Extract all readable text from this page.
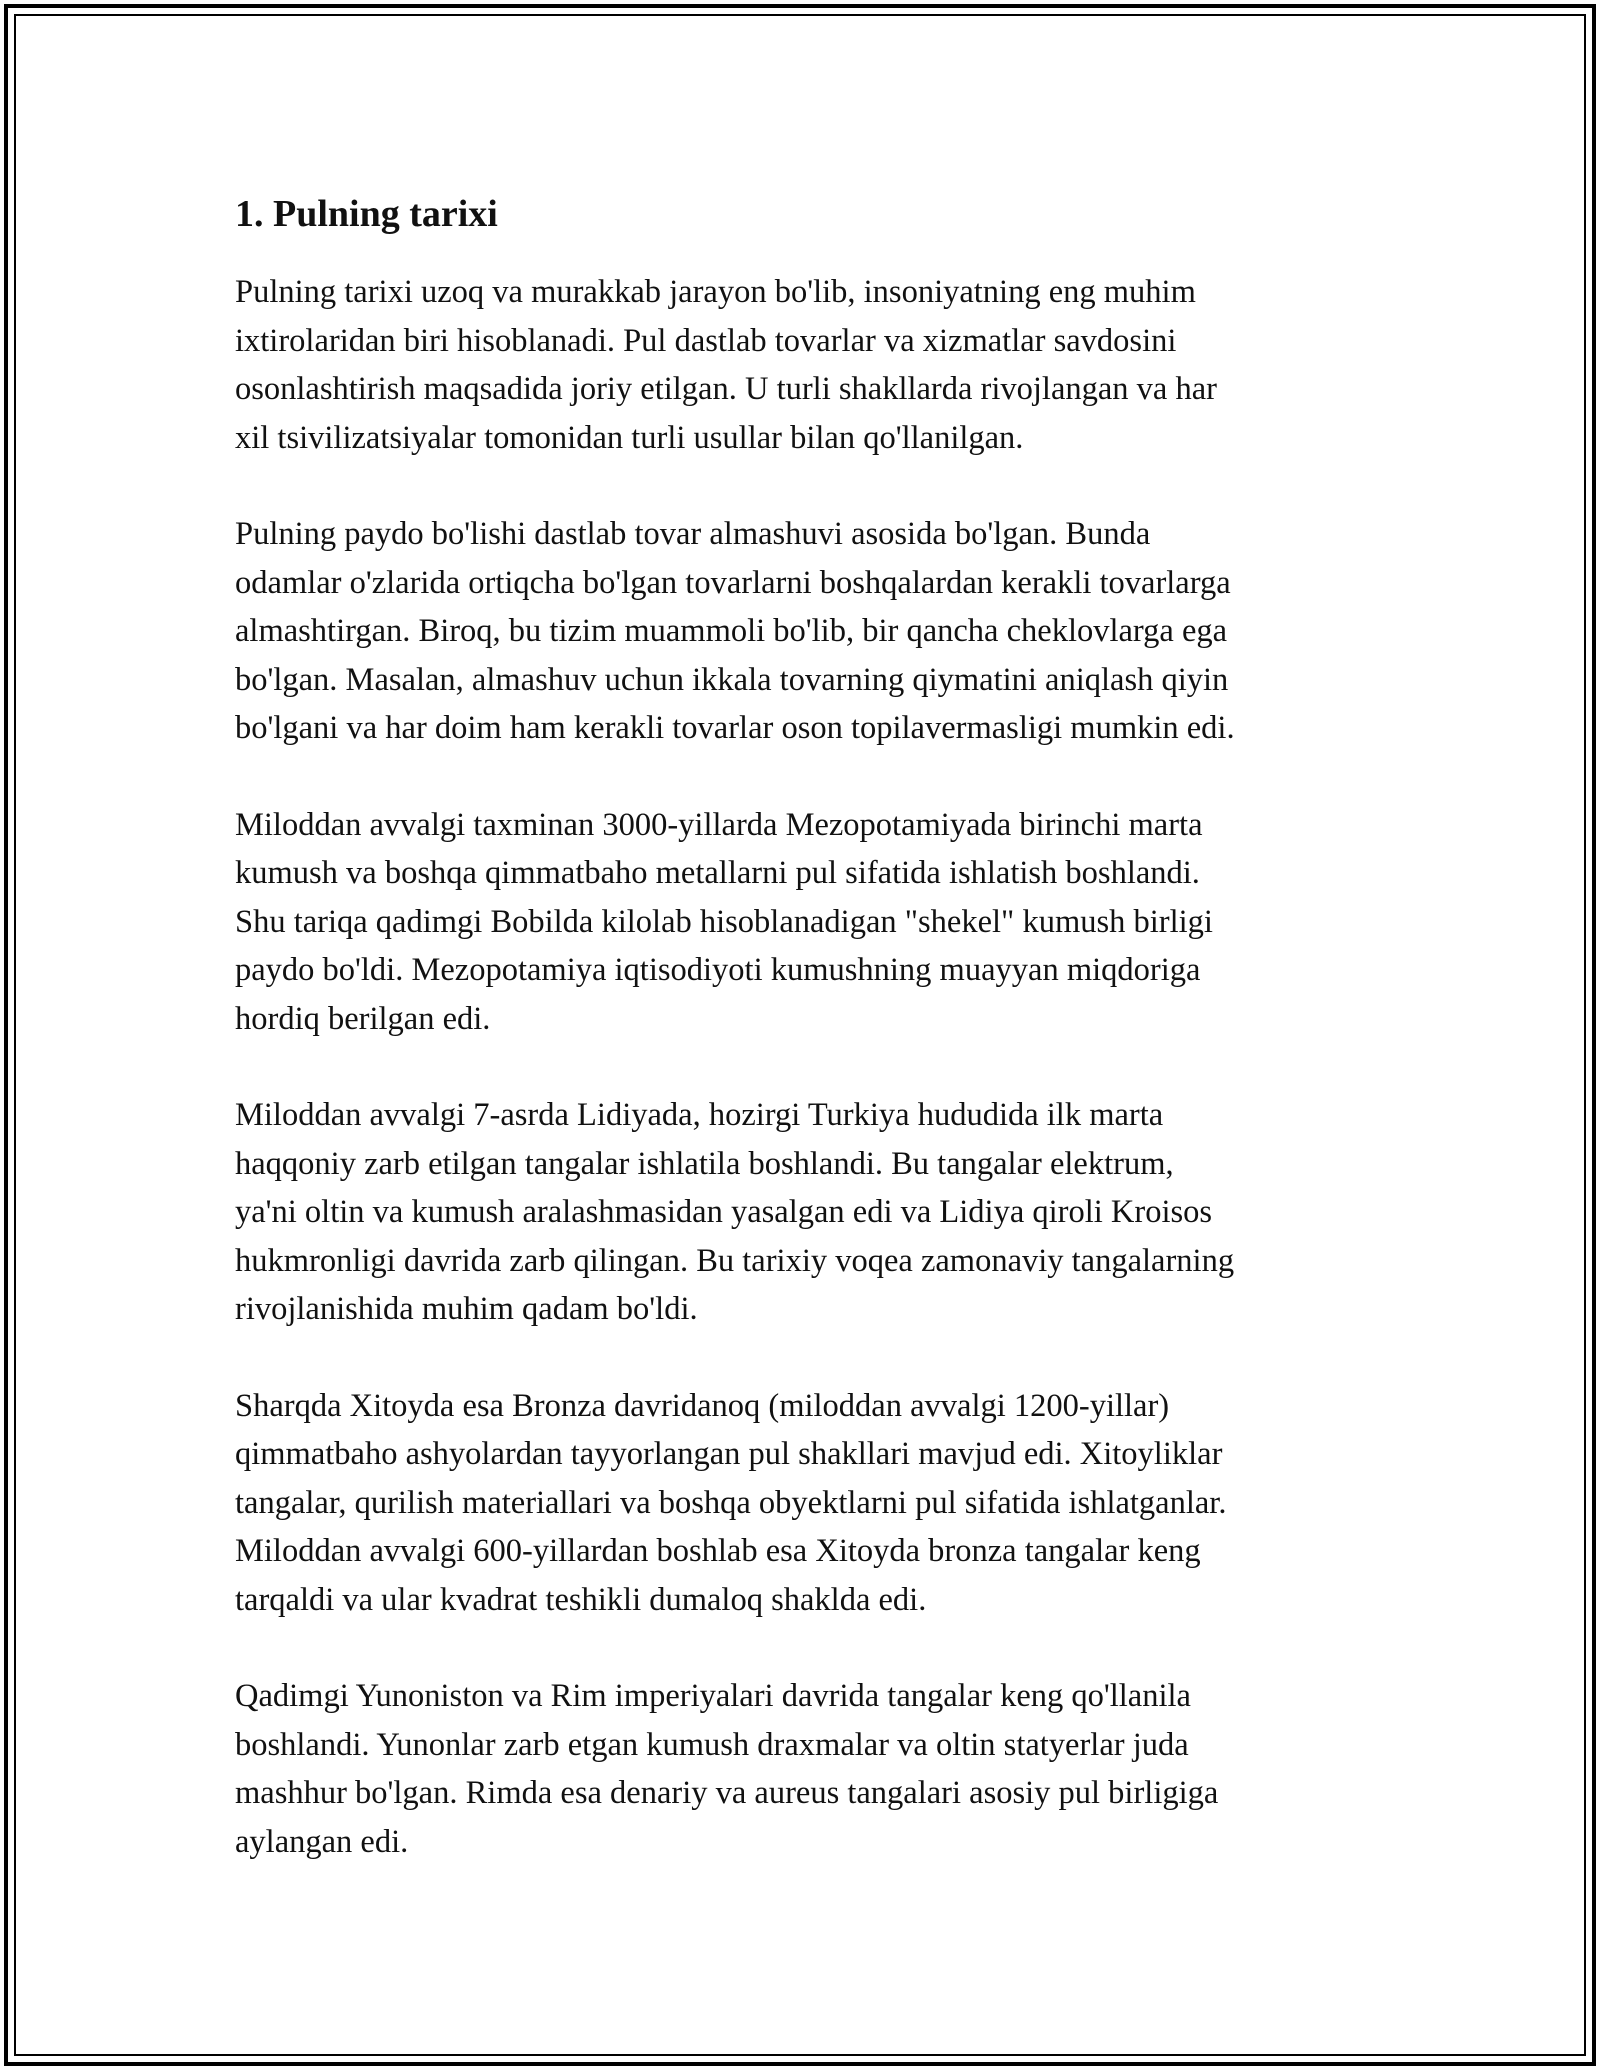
1. Pulning tarixi

Pulning tarixi uzoq va murakkab jarayon bo'lib, insoniyatning eng muhim
ixtirolaridan biri hisoblanadi. Pul dastlab tovarlar va xizmatlar savdosini
osonlashtirish maqsadida joriy etilgan. U turli shakllarda rivojlangan va har
xil tsivilizatsiyalar tomonidan turli usullar bilan qo'llanilgan.

Pulning paydo bo'lishi dastlab tovar almashuvi asosida bo'lgan. Bunda
odamlar o'zlarida ortiqcha bo'lgan tovarlarni boshqalardan kerakli tovarlarga
almashtirgan. Biroq, bu tizim muammoli bo'lib, bir qancha cheklovlarga ega
bo'lgan. Masalan, almashuv uchun ikkala tovarning qiymatini aniqlash qiyin
bo'lgani va har doim ham kerakli tovarlar oson topilavermasligi mumkin edi.

Miloddan avvalgi taxminan 3000-yillarda Mezopotamiyada birinchi marta
kumush va boshqa qimmatbaho metallarni pul sifatida ishlatish boshlandi.
Shu tariqa qadimgi Bobilda kilolab hisoblanadigan "shekel" kumush birligi
paydo bo'ldi. Mezopotamiya iqtisodiyoti kumushning muayyan miqdoriga
hordiq berilgan edi.

Miloddan avvalgi 7-asrda Lidiyada, hozirgi Turkiya hududida ilk marta
haqqoniy zarb etilgan tangalar ishlatila boshlandi. Bu tangalar elektrum,
ya'ni oltin va kumush aralashmasidan yasalgan edi va Lidiya qiroli Kroisos
hukmronligi davrida zarb qilingan. Bu tarixiy voqea zamonaviy tangalarning
rivojlanishida muhim qadam bo'ldi.

Sharqda Xitoyda esa Bronza davridanoq (miloddan avvalgi 1200-yillar)
qimmatbaho ashyolardan tayyorlangan pul shakllari mavjud edi. Xitoyliklar
tangalar, qurilish materiallari va boshqa obyektlarni pul sifatida ishlatganlar.
Miloddan avvalgi 600-yillardan boshlab esa Xitoyda bronza tangalar keng
tarqaldi va ular kvadrat teshikli dumaloq shaklda edi.

Qadimgi Yunoniston va Rim imperiyalari davrida tangalar keng qo'llanila
boshlandi. Yunonlar zarb etgan kumush draxmalar va oltin statyerlar juda
mashhur bo'lgan. Rimda esa denariy va aureus tangalari asosiy pul birligiga
aylangan edi.
